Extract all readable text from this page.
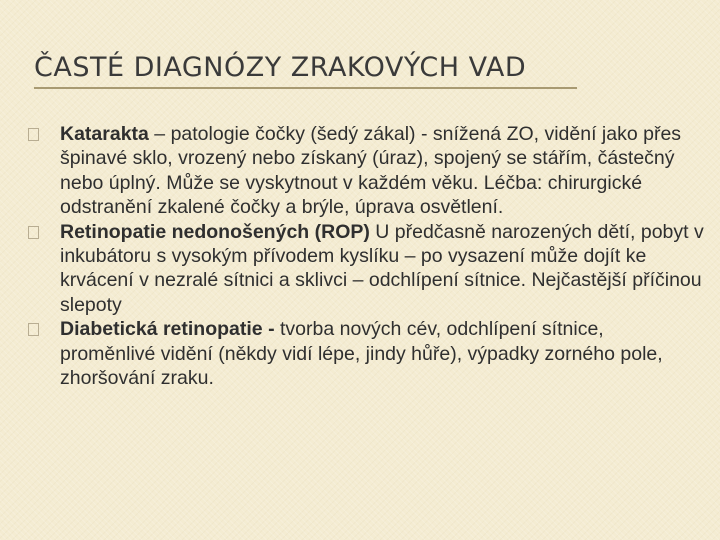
ČASTÉ DIAGNÓZY ZRAKOVÝCH VAD
Katarakta – patologie čočky (šedý zákal) - snížená ZO, vidění jako přes špinavé sklo, vrozený nebo získaný (úraz), spojený se stářím, částečný nebo úplný. Může se vyskytnout v každém věku. Léčba: chirurgické odstranění zkalené čočky a brýle, úprava osvětlení.
Retinopatie nedonošených (ROP) U předčasně narozených dětí, pobyt v inkubátoru s vysokým přívodem kyslíku – po vysazení může dojít ke krvácení v nezralé sítnici a sklivci – odchlípení sítnice. Nejčastější příčinou slepoty
Diabetická retinopatie - tvorba nových cév, odchlípení sítnice, proměnlivé vidění (někdy vidí lépe, jindy hůře), výpadky zorného pole, zhoršování zraku.
